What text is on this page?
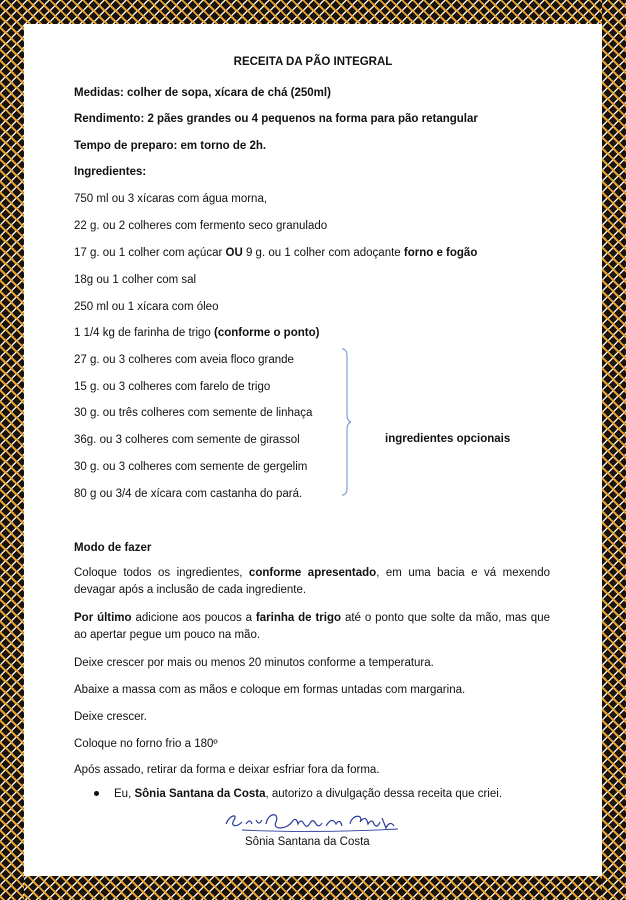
RECEITA DA PÃO INTEGRAL
Medidas: colher de sopa, xícara de chá (250ml)
Rendimento: 2 pães grandes ou 4 pequenos na forma para pão retangular
Tempo de preparo: em torno de 2h.
Ingredientes:
750 ml ou 3 xícaras com água morna,
22 g. ou 2 colheres com fermento seco granulado
17 g. ou 1 colher com açúcar OU 9 g. ou 1 colher com adoçante forno e fogão
18g ou 1 colher com sal
250 ml ou 1 xícara com óleo
1 1/4 kg de farinha de trigo (conforme o ponto)
27 g. ou 3 colheres com aveia floco grande
15 g. ou 3 colheres com farelo de trigo
30 g. ou três colheres com semente de linhaça
36g. ou 3 colheres com semente de girassol
30 g. ou 3 colheres com semente de gergelim
80 g ou 3/4 de xícara com castanha do pará.
ingredientes opcionais
Modo de fazer
Coloque todos os ingredientes, conforme apresentado, em uma bacia e vá mexendo devagar após a inclusão de cada ingrediente.
Por último adicione aos poucos a farinha de trigo até o ponto que solte da mão, mas que ao apertar pegue um pouco na mão.
Deixe crescer por mais ou menos 20 minutos conforme a temperatura.
Abaixe a massa com as mãos e coloque em formas untadas com margarina.
Deixe crescer.
Coloque no forno frio a 180º
Após assado, retirar da forma e deixar esfriar fora da forma.
Eu, Sônia Santana da Costa, autorizo a divulgação dessa receita que criei.
Sônia Santana da Costa
